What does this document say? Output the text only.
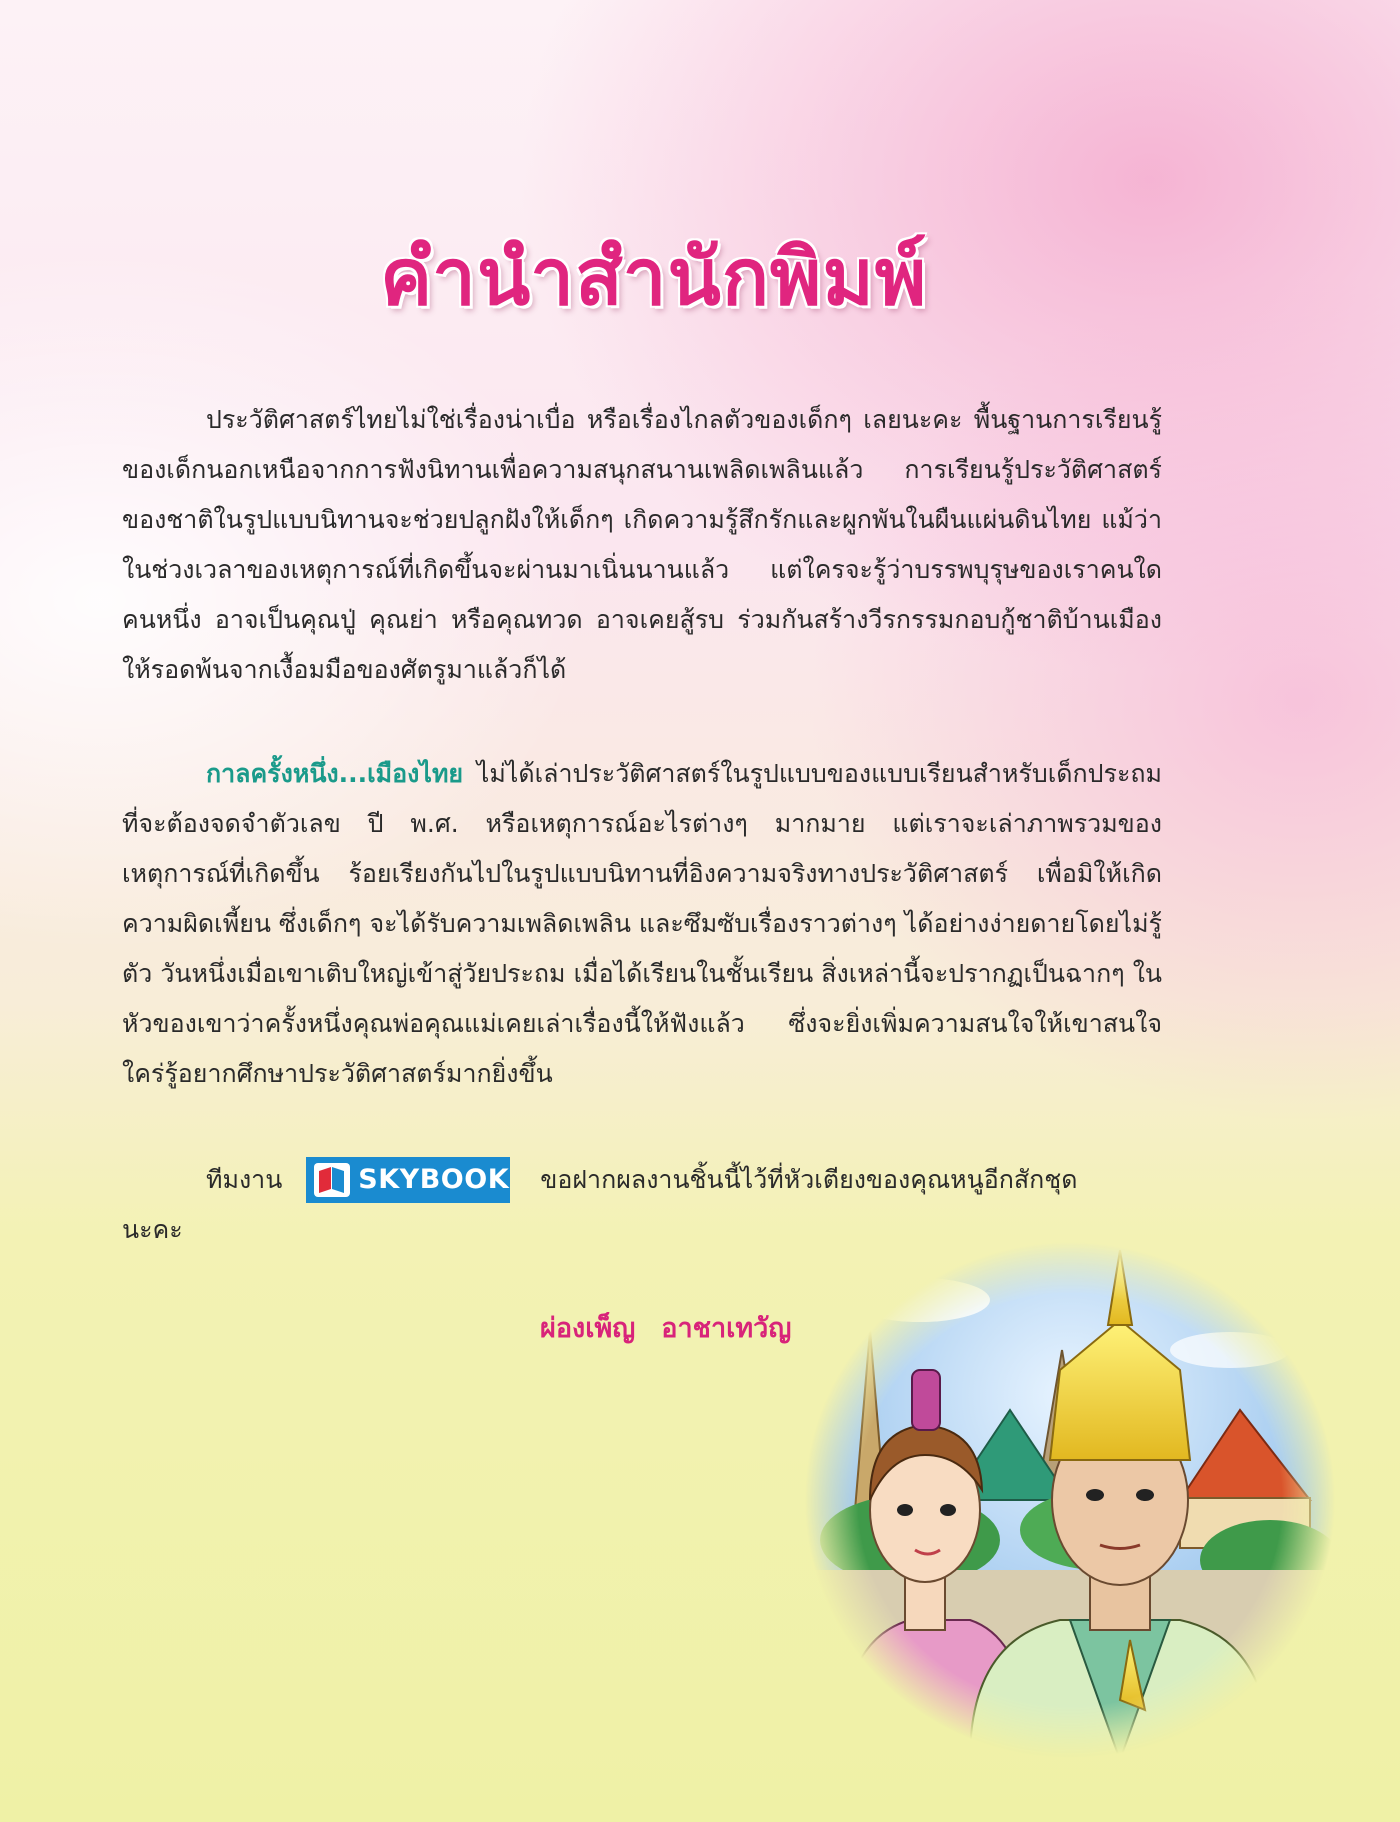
คำนำสำนักพิมพ์

ประวัติศาสตร์ไทยไม่ใช่เรื่องน่าเบื่อ หรือเรื่องไกลตัวของเด็กๆ เลยนะคะ พื้นฐานการเรียนรู้ของเด็กนอกเหนือจากการฟังนิทานเพื่อความสนุกสนานเพลิดเพลินแล้ว การเรียนรู้ประวัติศาสตร์ของชาติในรูปแบบนิทานจะช่วยปลูกฝังให้เด็กๆ เกิดความรู้สึกรักและผูกพันในผืนแผ่นดินไทย แม้ว่าในช่วงเวลาของเหตุการณ์ที่เกิดขึ้นจะผ่านมาเนิ่นนานแล้ว แต่ใครจะรู้ว่าบรรพบุรุษของเราคนใดคนหนึ่ง อาจเป็นคุณปู่ คุณย่า หรือคุณทวด อาจเคยสู้รบ ร่วมกันสร้างวีรกรรมกอบกู้ชาติบ้านเมืองให้รอดพ้นจากเงื้อมมือของศัตรูมาแล้วก็ได้

กาลครั้งหนึ่ง...เมืองไทย ไม่ได้เล่าประวัติศาสตร์ในรูปแบบของแบบเรียนสำหรับเด็กประถมที่จะต้องจดจำตัวเลข ปี พ.ศ. หรือเหตุการณ์อะไรต่างๆ มากมาย แต่เราจะเล่าภาพรวมของเหตุการณ์ที่เกิดขึ้น ร้อยเรียงกันไปในรูปแบบนิทานที่อิงความจริงทางประวัติศาสตร์ เพื่อมิให้เกิดความผิดเพี้ยน ซึ่งเด็กๆ จะได้รับความเพลิดเพลิน และซึมซับเรื่องราวต่างๆ ได้อย่างง่ายดายโดยไม่รู้ตัว วันหนึ่งเมื่อเขาเติบใหญ่เข้าสู่วัยประถม เมื่อได้เรียนในชั้นเรียน สิ่งเหล่านี้จะปรากฏเป็นฉากๆ ในหัวของเขาว่าครั้งหนึ่งคุณพ่อคุณแม่เคยเล่าเรื่องนี้ให้ฟังแล้ว ซึ่งจะยิ่งเพิ่มความสนใจให้เขาสนใจใคร่รู้อยากศึกษาประวัติศาสตร์มากยิ่งขึ้น

ทีมงาน	SKYBOOK ขอฝากผลงานชิ้นนี้ไว้ที่หัวเตียงของคุณหนูอีกสักชุด
นะคะ
ผ่องเพ็ญ อาชาเทวัญ
